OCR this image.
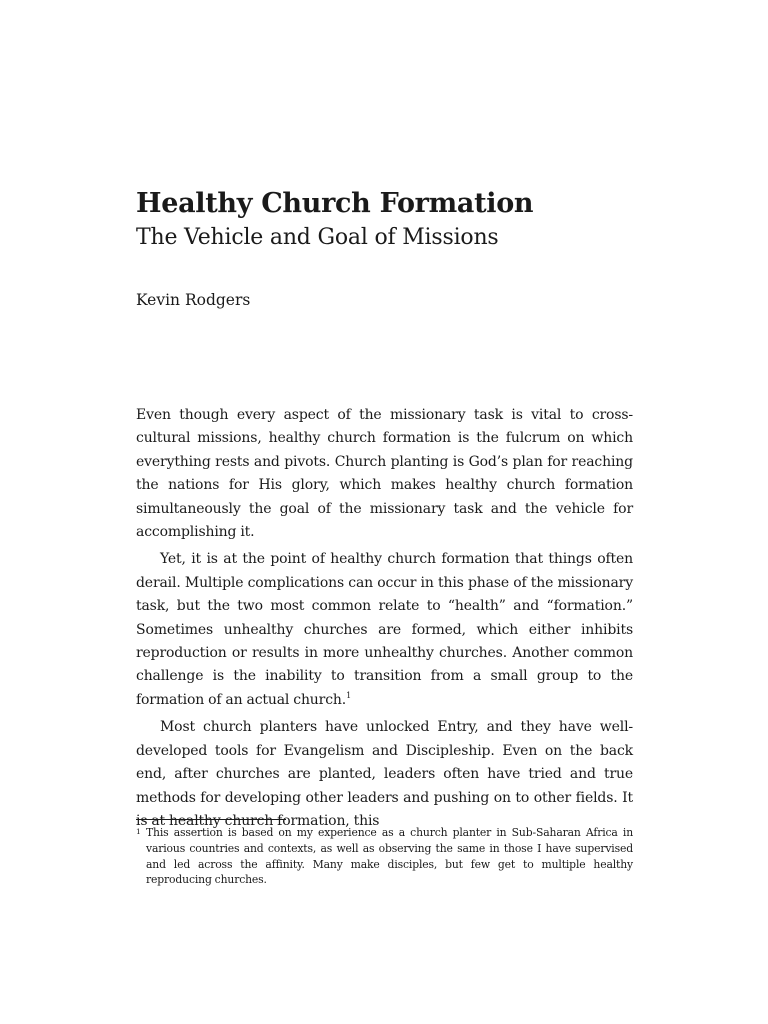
Healthy Church Formation
The Vehicle and Goal of Missions

Kevin Rodgers

Even though every aspect of the missionary task is vital to cross-cultural missions, healthy church formation is the fulcrum on which everything rests and pivots. Church planting is God’s plan for reaching the nations for His glory, which makes healthy church formation simultaneously the goal of the missionary task and the vehicle for accomplishing it.

Yet, it is at the point of healthy church formation that things often derail. Multiple complications can occur in this phase of the missionary task, but the two most common relate to “health” and “formation.” Sometimes unhealthy churches are formed, which either inhibits reproduction or results in more unhealthy churches. Another common challenge is the inability to transition from a small group to the formation of an actual church.$^1$

Most church planters have unlocked Entry, and they have well-developed tools for Evangelism and Discipleship. Even on the back end, after churches are planted, leaders often have tried and true methods for developing other leaders and pushing on to other fields. It is at healthy church formation, this

1 This assertion is based on my experience as a church planter in Sub-Saharan Africa in various countries and contexts, as well as observing the same in those I have supervised and led across the affinity. Many make disciples, but few get to multiple healthy reproducing churches.
